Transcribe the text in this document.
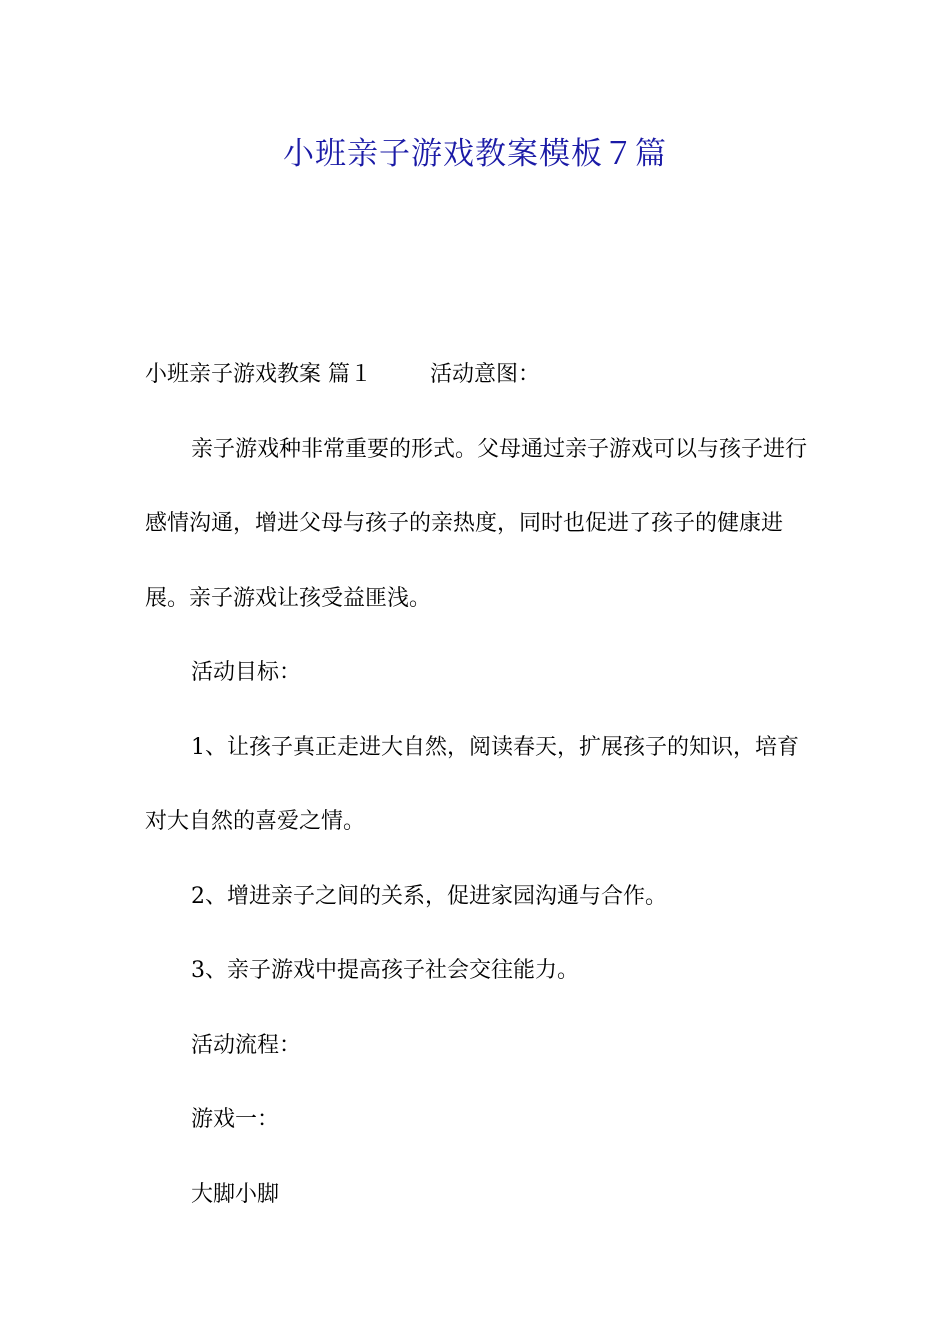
小班亲子游戏教案模板７篇

小班亲子游戏教案 篇１	活动意图：

亲子游戏种非常重要的形式。父母通过亲子游戏可以与孩子进行感情沟通，增进父母与孩子的亲热度，同时也促进了孩子的健康进展。亲子游戏让孩受益匪浅。

活动目标：

1、让孩子真正走进大自然，阅读春天，扩展孩子的知识，培育对大自然的喜爱之情。

2、增进亲子之间的关系，促进家园沟通与合作。

3、亲子游戏中提高孩子社会交往能力。

活动流程：

游戏一：

大脚小脚
